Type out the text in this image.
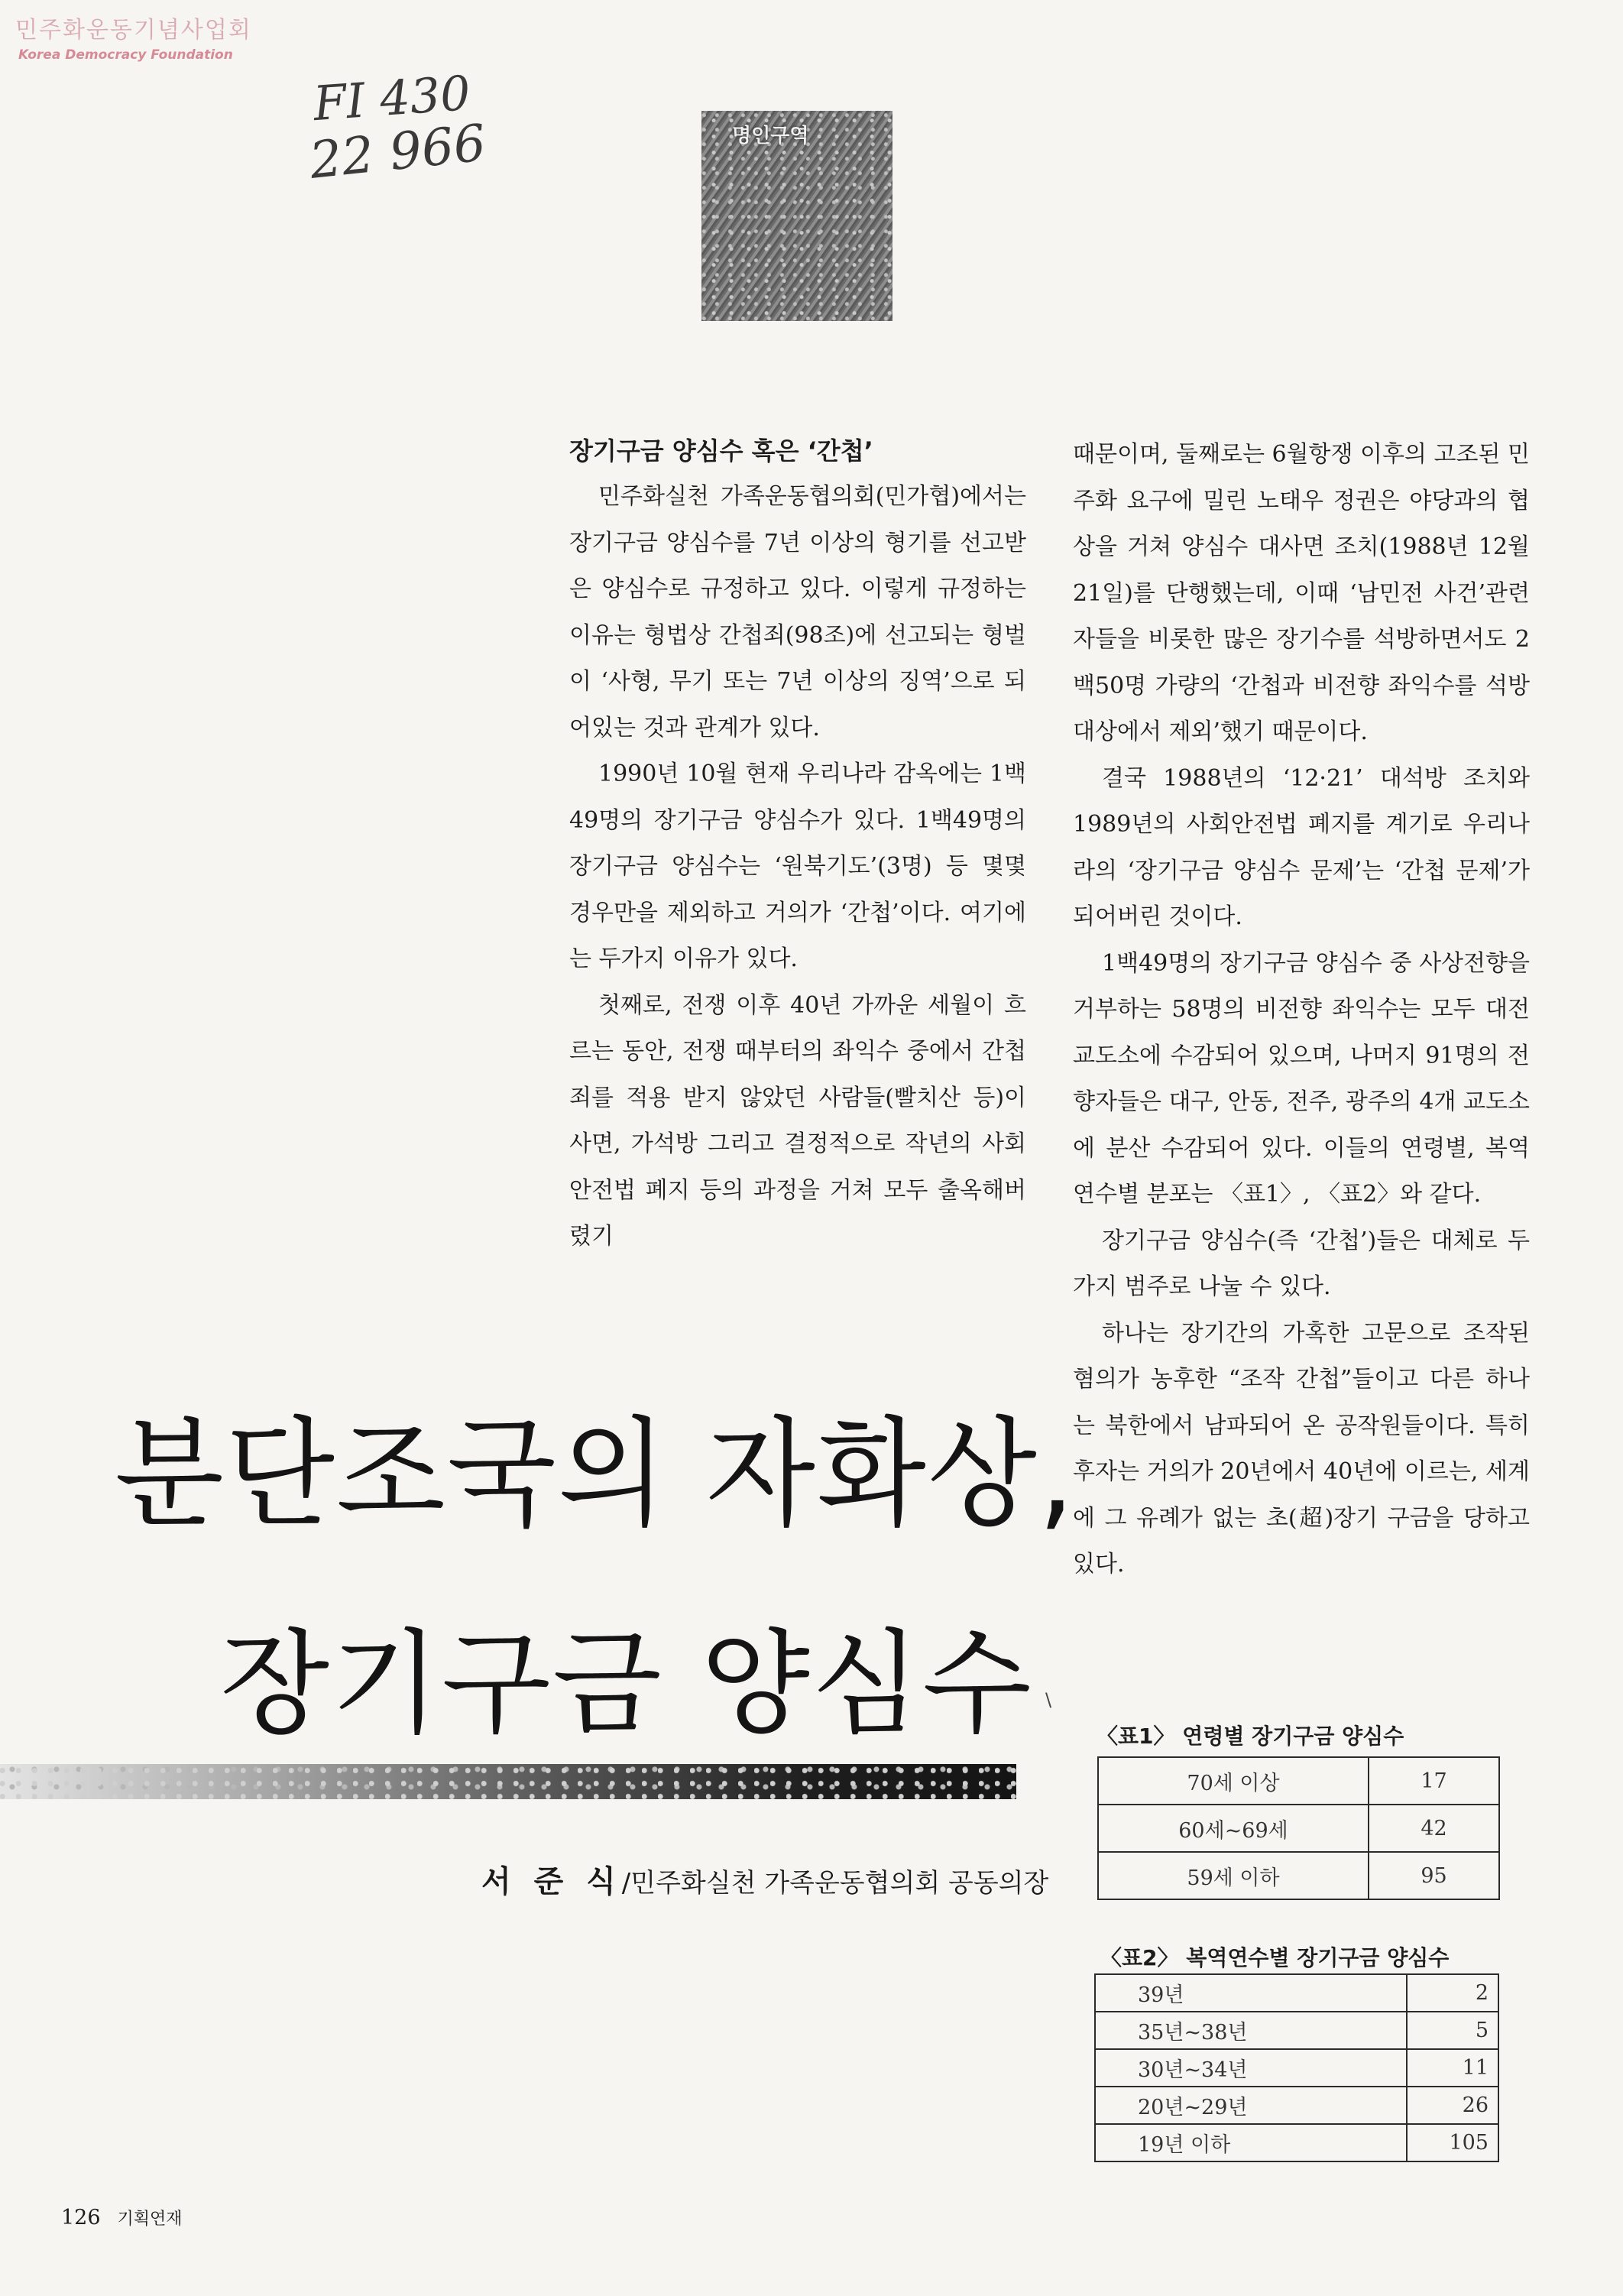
민주화운동기념사업회
Korea Democracy Foundation
FI 430
22 966	명인구역
장기구금 양심수 혹은 ‘간첩’

민주화실천 가족운동협의회(민가협)에서는 장기구금 양심수를 7년 이상의 형기를 선고받은 양심수로 규정하고 있다. 이렇게 규정하는 이유는 형법상 간첩죄(98조)에 선고되는 형벌이 ‘사형, 무기 또는 7년 이상의 징역’으로 되어있는 것과 관계가 있다.

1990년 10월 현재 우리나라 감옥에는 1백49명의 장기구금 양심수가 있다. 1백49명의 장기구금 양심수는 ‘원북기도’(3명) 등 몇몇 경우만을 제외하고 거의가 ‘간첩’이다. 여기에는 두가지 이유가 있다.

첫째로, 전쟁 이후 40년 가까운 세월이 흐르는 동안, 전쟁 때부터의 좌익수 중에서 간첩죄를 적용 받지 않았던 사람들(빨치산 등)이 사면, 가석방 그리고 결정적으로 작년의 사회안전법 폐지 등의 과정을 거쳐 모두 출옥해버렸기

때문이며, 둘째로는 6월항쟁 이후의 고조된 민주화 요구에 밀린 노태우 정권은 야당과의 협상을 거쳐 양심수 대사면 조치(1988년 12월 21일)를 단행했는데, 이때 ‘남민전 사건’관련자들을 비롯한 많은 장기수를 석방하면서도 2백50명 가량의 ‘간첩과 비전향 좌익수를 석방대상에서 제외’했기 때문이다.

결국 1988년의 ‘12·21’ 대석방 조치와 1989년의 사회안전법 폐지를 계기로 우리나라의 ‘장기구금 양심수 문제’는 ‘간첩 문제’가 되어버린 것이다.

1백49명의 장기구금 양심수 중 사상전향을 거부하는 58명의 비전향 좌익수는 모두 대전교도소에 수감되어 있으며, 나머지 91명의 전향자들은 대구, 안동, 전주, 광주의 4개 교도소에 분산 수감되어 있다. 이들의 연령별, 복역 연수별 분포는 〈표1〉, 〈표2〉와 같다.

장기구금 양심수(즉 ‘간첩’)들은 대체로 두가지 범주로 나눌 수 있다.

하나는 장기간의 가혹한 고문으로 조작된 혐의가 농후한 “조작 간첩”들이고 다른 하나는 북한에서 남파되어 온 공작원들이다. 특히 후자는 거의가 20년에서 40년에 이르는, 세계에 그 유례가 없는 초(超)장기 구금을 당하고 있다.

분단조국의 자화상,
장기구금 양심수 \
서 준 식/민주화실천 가족운동협의회 공동의장
〈표1〉 연령별 장기구금 양심수
70세 이상	17
60세~69세	42
59세 이하	95
〈표2〉 복역연수별 장기구금 양심수
39년	2
35년~38년	5
30년~34년	11
20년~29년	26
19년 이하	105
126 기획연재
